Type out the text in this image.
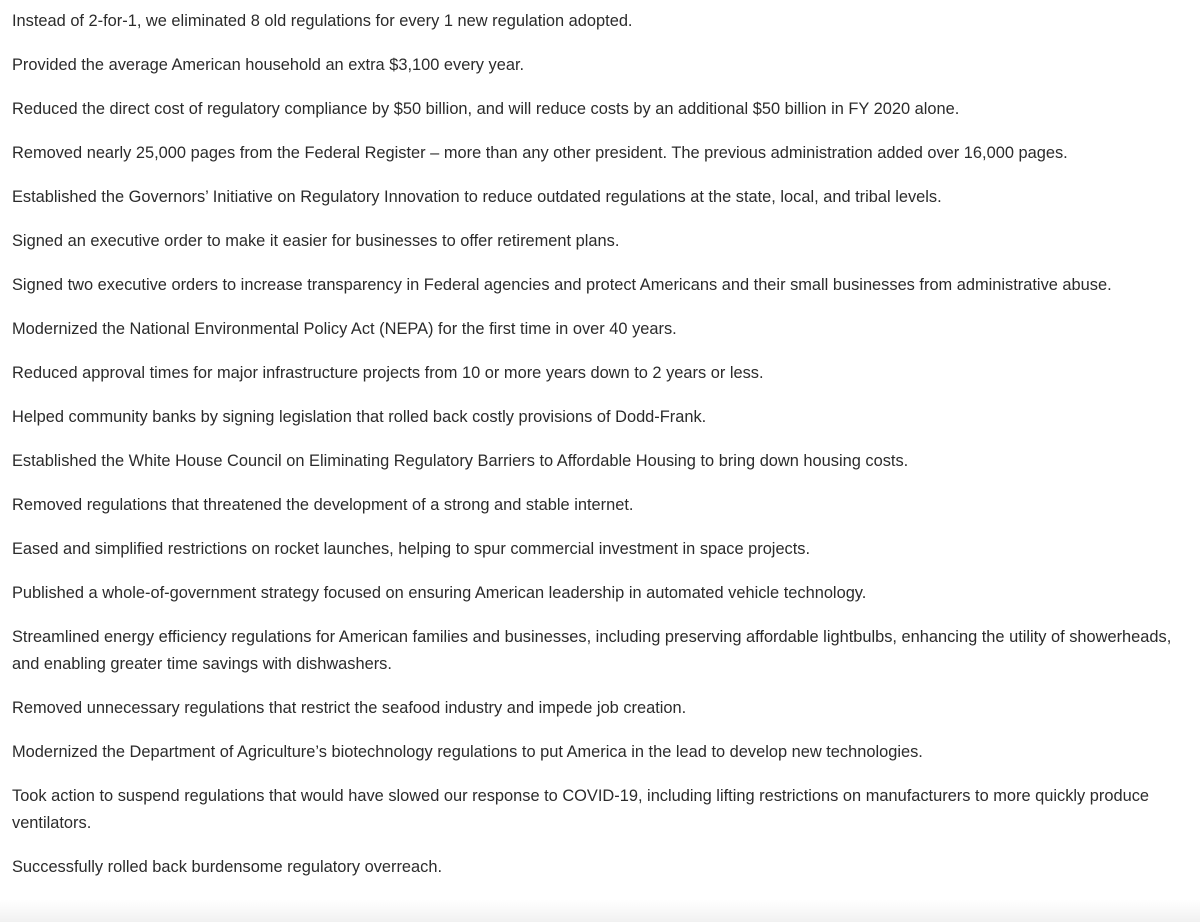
Instead of 2-for-1, we eliminated 8 old regulations for every 1 new regulation adopted.

Provided the average American household an extra $3,100 every year.

Reduced the direct cost of regulatory compliance by $50 billion, and will reduce costs by an additional $50 billion in FY 2020 alone.

Removed nearly 25,000 pages from the Federal Register – more than any other president. The previous administration added over 16,000 pages.

Established the Governors’ Initiative on Regulatory Innovation to reduce outdated regulations at the state, local, and tribal levels.

Signed an executive order to make it easier for businesses to offer retirement plans.

Signed two executive orders to increase transparency in Federal agencies and protect Americans and their small businesses from administrative abuse.

Modernized the National Environmental Policy Act (NEPA) for the first time in over 40 years.

Reduced approval times for major infrastructure projects from 10 or more years down to 2 years or less.

Helped community banks by signing legislation that rolled back costly provisions of Dodd-Frank.

Established the White House Council on Eliminating Regulatory Barriers to Affordable Housing to bring down housing costs.

Removed regulations that threatened the development of a strong and stable internet.

Eased and simplified restrictions on rocket launches, helping to spur commercial investment in space projects.

Published a whole-of-government strategy focused on ensuring American leadership in automated vehicle technology.

Streamlined energy efficiency regulations for American families and businesses, including preserving affordable lightbulbs, enhancing the utility of showerheads, and enabling greater time savings with dishwashers.

Removed unnecessary regulations that restrict the seafood industry and impede job creation.

Modernized the Department of Agriculture’s biotechnology regulations to put America in the lead to develop new technologies.

Took action to suspend regulations that would have slowed our response to COVID-19, including lifting restrictions on manufacturers to more quickly produce ventilators.

Successfully rolled back burdensome regulatory overreach.
